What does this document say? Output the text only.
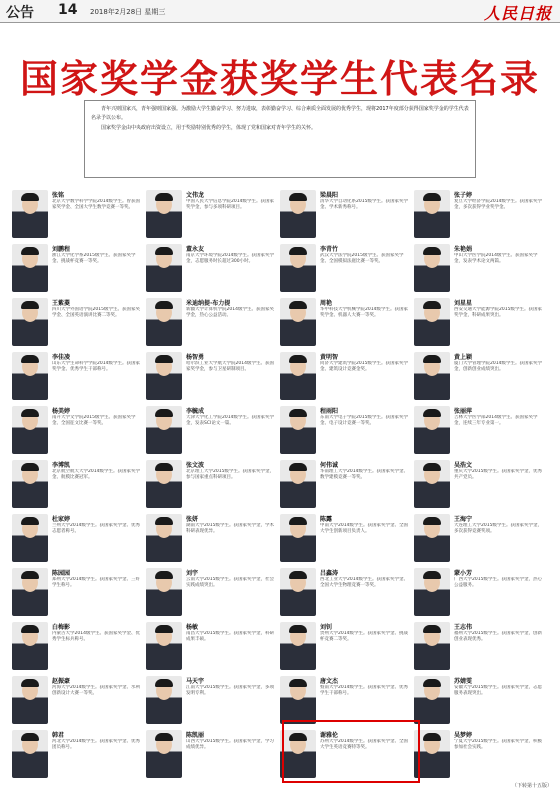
公告 14 2018年2月28日 星期三	人民日报
国家奖学金获奖学生代表名录

青年兴则国家兴，青年强则国家强。为激励大学生勤奋学习、努力进取，表彰勤奋学习、综合素质全面发展的优秀学生，现将2017年度部分获得国家奖学金的学生代表名录予以公布。

国家奖学金由中央政府出资设立，用于奖励特别优秀的学生，体现了党和国家对青年学生的关怀。

张铭
北京大学数学科学学院2014级学生。曾获国家奖学金、全国大学生数学竞赛一等奖。
文伟龙
中国人民大学信息学院2014级学生。获国家奖学金，参与多项科研项目。
梁晨阳
清华大学自动化系2015级学生。获国家奖学金、学术新秀称号。
张子婷
复旦大学经济学院2014级学生。获国家奖学金，多次获得学业奖学金。
刘鹏程
浙江大学化学系2015级学生。获国家奖学金、挑战杯竞赛一等奖。
董永友
南京大学环境学院2014级学生。获国家奖学金，志愿服务时长超过300小时。
李青竹
武汉大学法学院2015级学生。获国家奖学金、全国模拟法庭比赛一等奖。
朱艳娟
中山大学医学院2014级学生。获国家奖学金，发表学术论文两篇。
王紫菱
四川大学外国语学院2015级学生。获国家奖学金、全国英语演讲比赛二等奖。
米迪纳提·布力提
新疆大学计算机学院2014级学生。获国家奖学金，热心公益活动。
周艳
华中科技大学机械学院2014级学生。获国家奖学金、机器人大赛一等奖。
刘星星
西安交通大学能源学院2015级学生。获国家奖学金，科研成果突出。
李佳凌
山东大学生命科学学院2014级学生。获国家奖学金、优秀学生干部称号。
杨智勇
哈尔滨工业大学航天学院2014级学生。获国家奖学金，参与卫星研制项目。
黄明智
同济大学建筑学院2015级学生。获国家奖学金、建筑设计竞赛金奖。
黄上颖
厦门大学管理学院2014级学生。获国家奖学金，创新创业成绩突出。
杨美婷
南开大学文学院2015级学生。获国家奖学金、全国征文比赛一等奖。
李毓成
天津大学化工学院2014级学生。获国家奖学金，发表SCI论文一篇。
程雨阳
东南大学电子学院2015级学生。获国家奖学金、电子设计竞赛一等奖。
张丽萍
吉林大学医学部2014级学生。获国家奖学金，连续三年专业第一。
李博凯
北京航空航天大学2014级学生。获国家奖学金、航模比赛冠军。
张文波
北京理工大学2015级学生。获国家奖学金，参与国家重点科研项目。
何伟诚
华南理工大学2014级学生。获国家奖学金、数学建模竞赛一等奖。
吴浩文
重庆大学2015级学生。获国家奖学金，优秀共产党员。
杜家婷
兰州大学2014级学生。获国家奖学金、优秀志愿者称号。
张妍
湖南大学2015级学生。获国家奖学金，学术科研表现优异。
陈露
中南大学2014级学生。获国家奖学金、全国大学生创新项目负责人。
王海宁
大连理工大学2015级学生。获国家奖学金，多次获得竞赛奖项。
陈园园
郑州大学2014级学生。获国家奖学金、三好学生称号。
刘宇
云南大学2015级学生。获国家奖学金，社会实践成绩突出。
吕鑫涛
西北工业大学2014级学生。获国家奖学金、全国大学生物理竞赛一等奖。
蒙小芳
广西大学2015级学生。获国家奖学金，热心公益服务。
白梅影
内蒙古大学2014级学生。获国家奖学金、优秀学生标兵称号。
杨敏
南昌大学2015级学生。获国家奖学金，科研成果丰硕。
刘钊
贵州大学2014级学生。获国家奖学金、挑战杯竞赛二等奖。
王志伟
福州大学2015级学生。获国家奖学金，创新创业表现优秀。
赵振豪
河海大学2014级学生。获国家奖学金、水利创新设计大赛一等奖。
马天宇
江南大学2015级学生。获国家奖学金，多项发明专利。
唐文杰
暨南大学2014级学生。获国家奖学金、优秀学生干部称号。
苏婧雯
安徽大学2015级学生。获国家奖学金，志愿服务表现突出。
韩君
河北大学2014级学生。获国家奖学金、优秀团员称号。
陈凯丽
山西大学2015级学生。获国家奖学金，学习成绩优异。
谢雅伦
苏州大学2014级学生。获国家奖学金、全国大学生英语竞赛特等奖。
吴梦婷
宁夏大学2015级学生。获国家奖学金，积极参加社会实践。
（下转第十五版）
